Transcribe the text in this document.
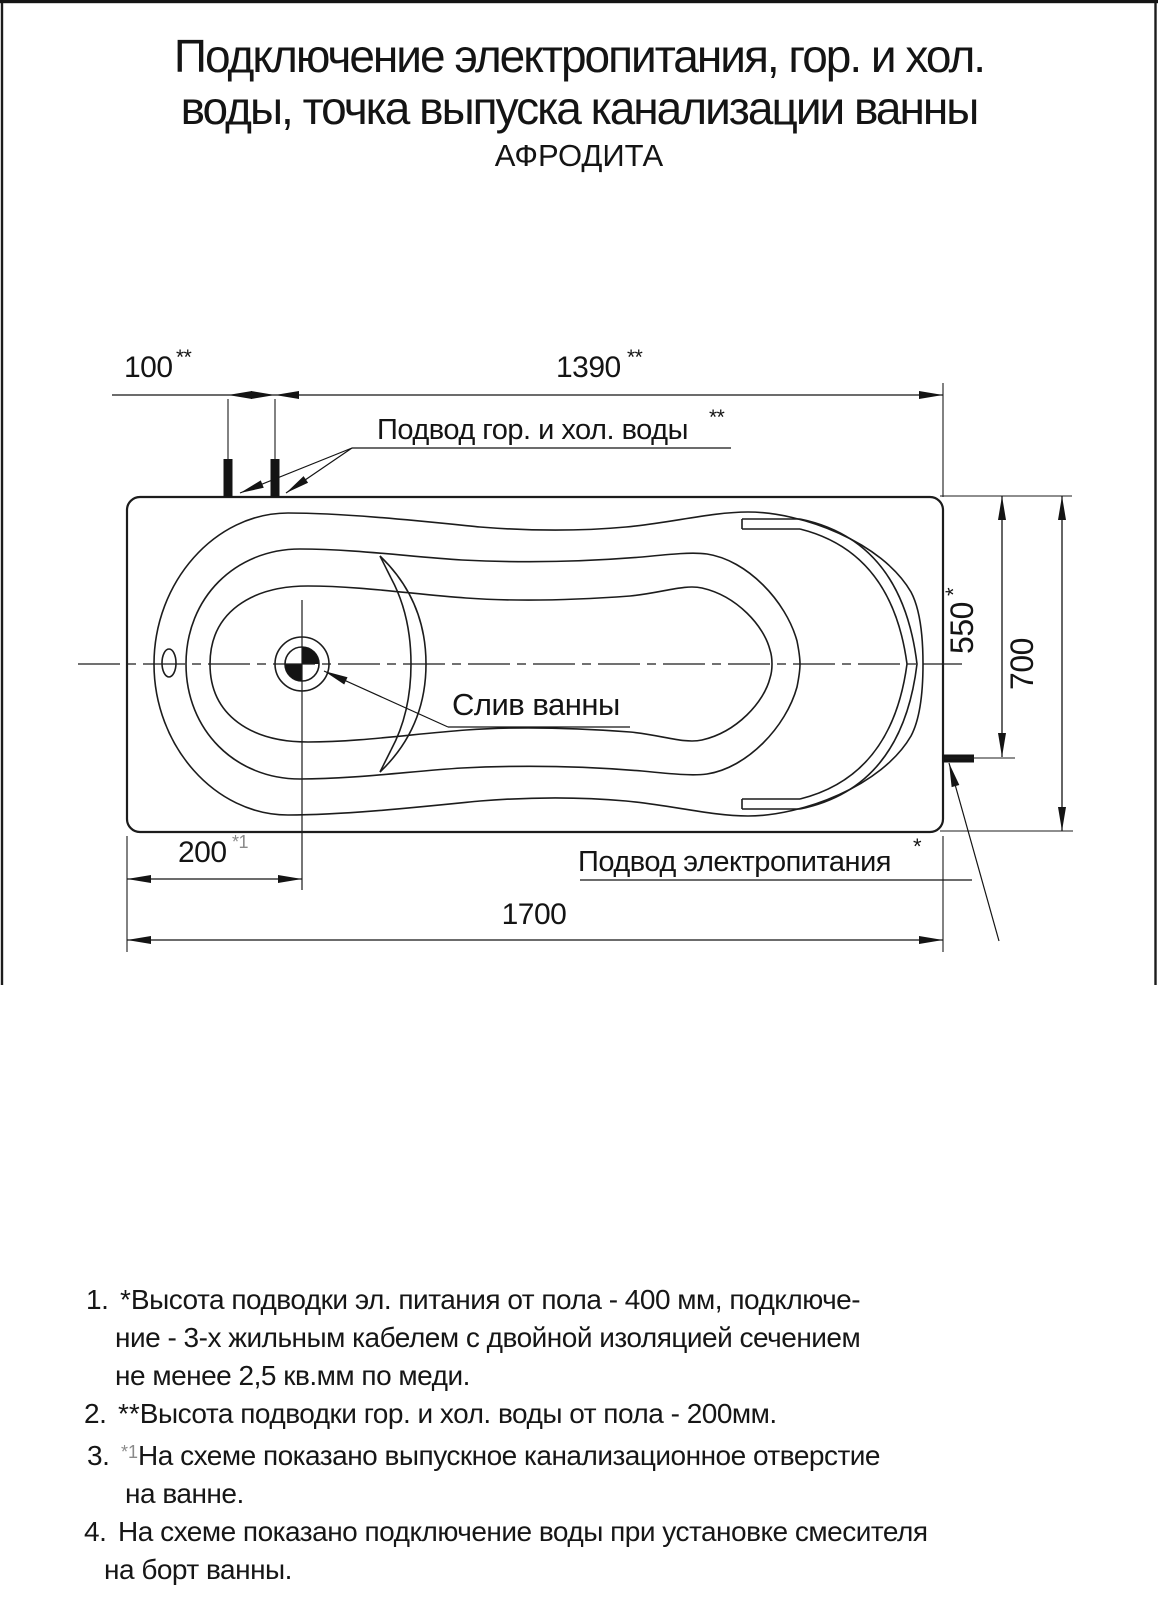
Подключение электропитания, гор. и хол.
воды, точка выпуска канализации ванны
АФРОДИТА
100 **	1390 **
200 *1
1700
550
*
700
Подвод гор. и хол. воды **
Слив ванны
Подвод электропитания *
1. *Высота подводки эл. питания от пола - 400 мм, подключе-
ние - 3-х жильным кабелем с двойной изоляцией сечением
не менее 2,5 кв.мм по меди.
2. **Высота подводки гор. и хол. воды от пола - 200мм.
3. $^{*1}$На схеме показано выпускное канализационное отверстие
на ванне.
4. На схеме показано подключение воды при установке смесителя
на борт ванны.
